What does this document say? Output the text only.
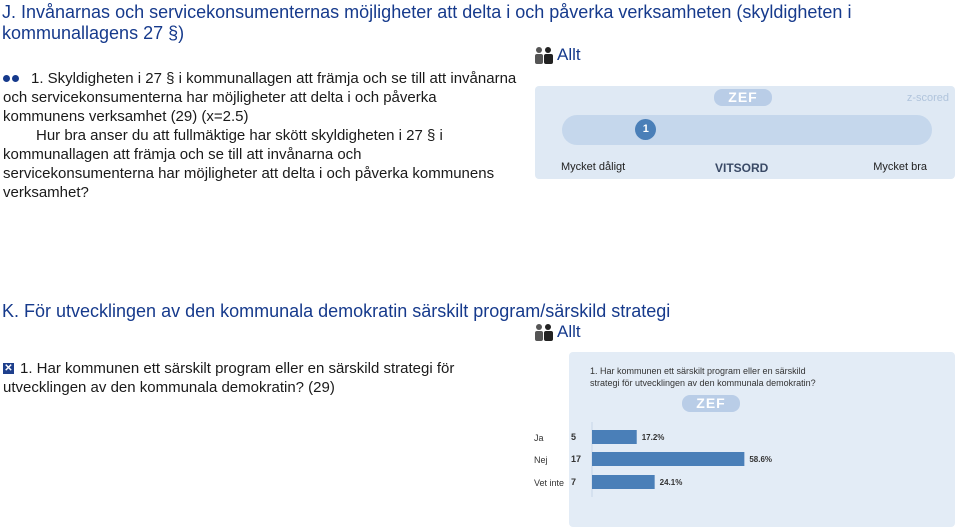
J. Invånarnas och servicekonsumenternas möjligheter att delta i och påverka verksamheten (skyldigheten i
kommunallagens 27 §)
Allt
1. Skyldigheten i 27 § i kommunallagen att främja och se till att invånarna
och servicekonsumenterna har möjligheter att delta i och påverka
kommunens verksamhet (29) (x=2.5)
Hur bra anser du att fullmäktige har skött skyldigheten i 27 § i
kommunallagen att främja och se till att invånarna och
servicekonsumenterna har möjligheter att delta i och påverka kommunens
verksamhet?
ZEF	z-scored
1
Mycket dåligt	VITSORD	Mycket bra
K. För utvecklingen av den kommunala demokratin särskilt program/särskild strategi
Allt
✕ 1. Har kommunen ett särskilt program eller en särskild strategi för
utvecklingen av den kommunala demokratin? (29)
1. Har kommunen ett särskilt program eller en särskild
strategi för utvecklingen av den kommunala demokratin?
ZEF
Ja	5	17.2%
Nej	17	58.6%
Vet inte 7	24.1%
